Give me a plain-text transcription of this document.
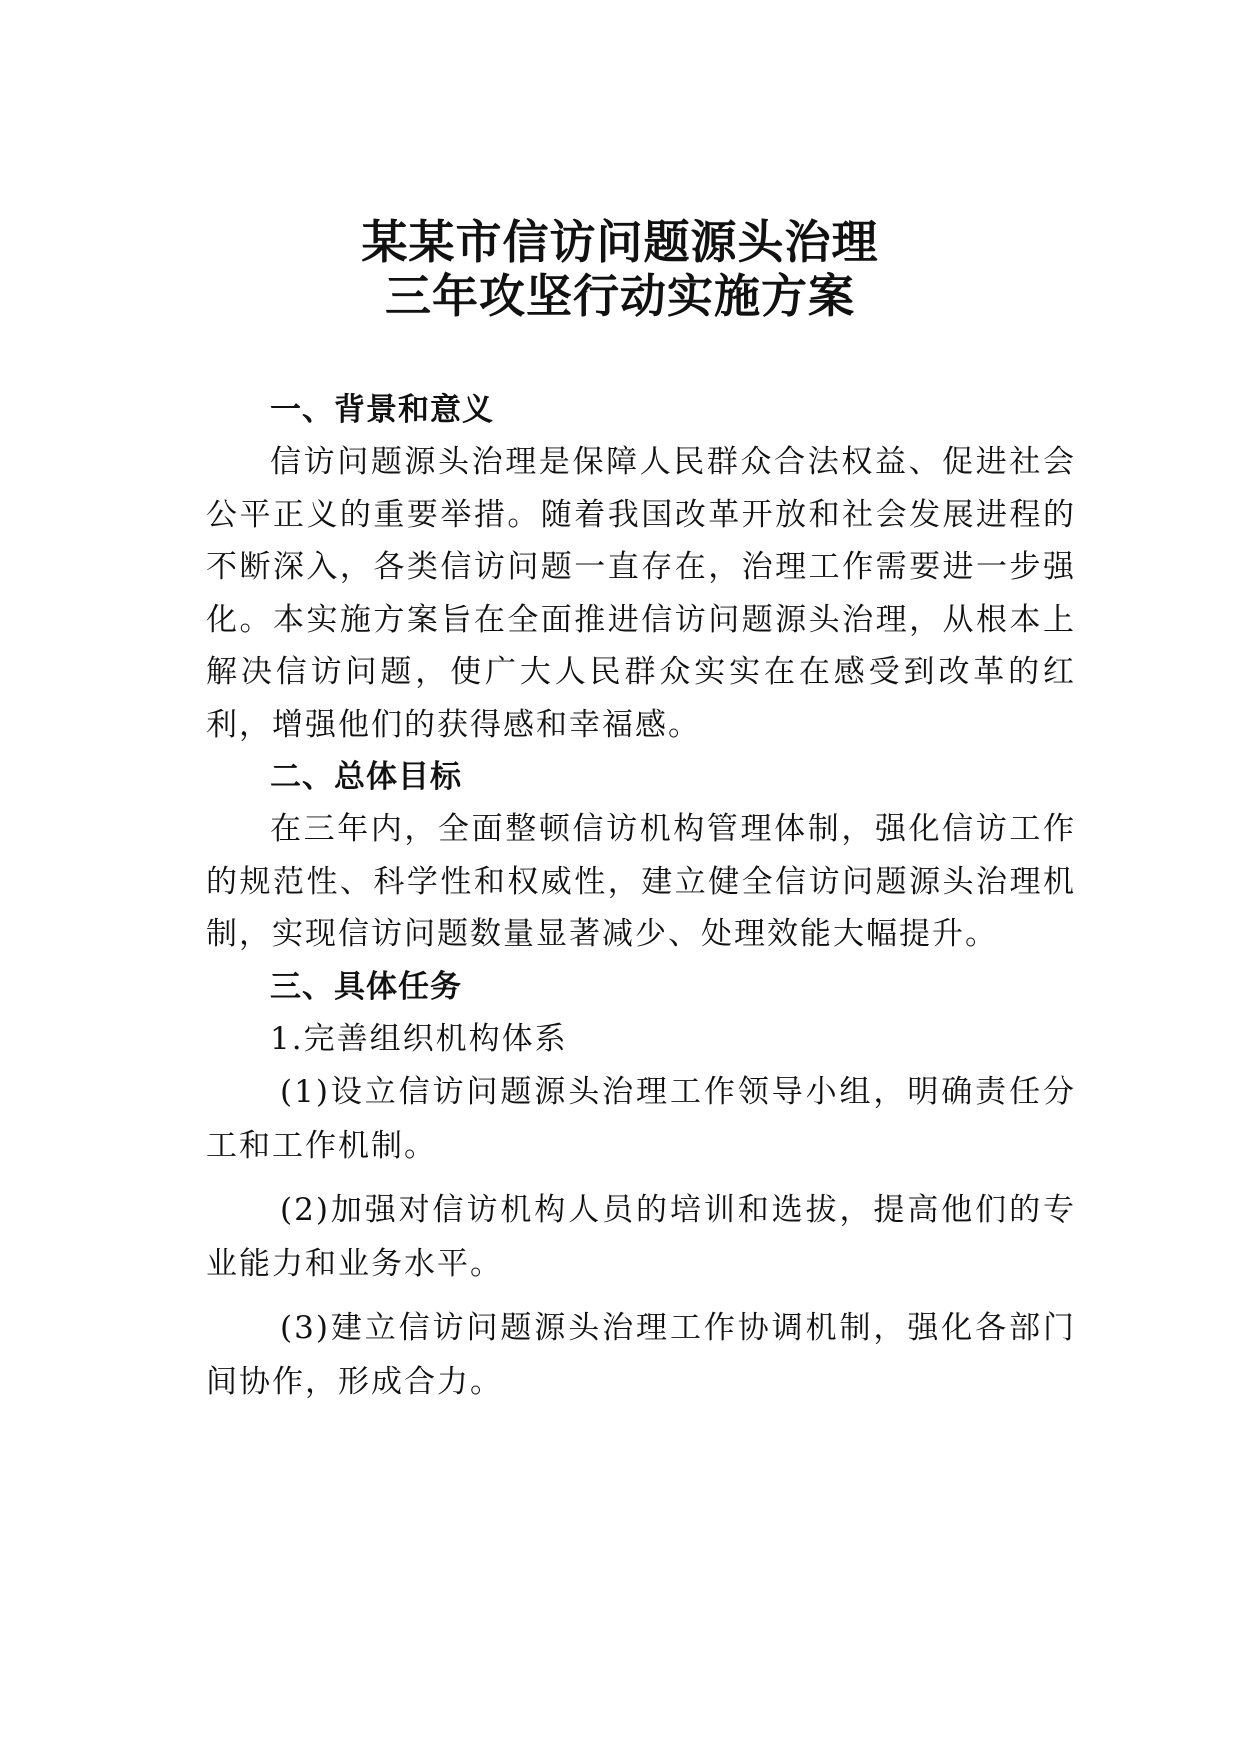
某某市信访问题源头治理
三年攻坚行动实施方案
一、背景和意义
信访问题源头治理是保障人民群众合法权益、促进社会公平正义的重要举措。随着我国改革开放和社会发展进程的不断深入，各类信访问题一直存在，治理工作需要进一步强化。本实施方案旨在全面推进信访问题源头治理，从根本上解决信访问题，使广大人民群众实实在在感受到改革的红利，增强他们的获得感和幸福感。
二、总体目标
在三年内，全面整顿信访机构管理体制，强化信访工作的规范性、科学性和权威性，建立健全信访问题源头治理机制，实现信访问题数量显著减少、处理效能大幅提升。
三、具体任务
1.完善组织机构体系
(1)设立信访问题源头治理工作领导小组，明确责任分工和工作机制。
(2)加强对信访机构人员的培训和选拔，提高他们的专业能力和业务水平。
(3)建立信访问题源头治理工作协调机制，强化各部门间协作，形成合力。
